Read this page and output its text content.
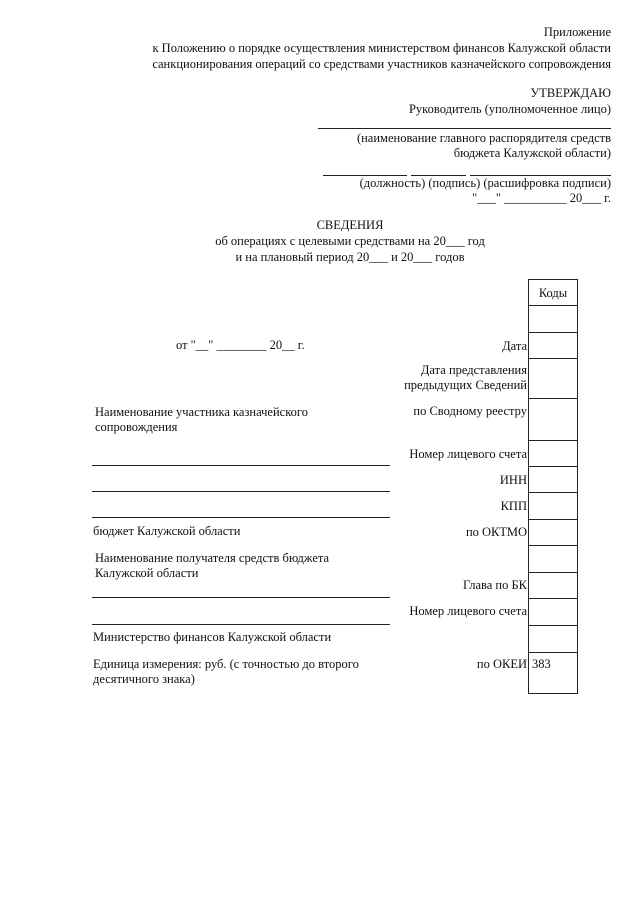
Приложение
к Положению о порядке осуществления министерством финансов Калужской области
санкционирования операций со средствами участников казначейского сопровождения
УТВЕРЖДАЮ
Руководитель (уполномоченное лицо)
(наименование главного распорядителя средств
бюджета Калужской области)
(должность) (подпись) (расшифровка подписи)
"___" __________ 20___ г.
СВЕДЕНИЯ
об операциях с целевыми средствами на 20___ год
и на плановый период 20___ и 20___ годов
Коды
от "__" ________ 20__ г.	Дата
Дата представления
предыдущих Сведений
по Сводному реестру
Номер лицевого счета
ИНН
КПП
по ОКТМО
Глава по БК
Номер лицевого счета
по ОКЕИ 383
Наименование участника казначейского
сопровождения
бюджет Калужской области
Наименование получателя средств бюджета
Калужской области
Министерство финансов Калужской области
Единица измерения: руб. (с точностью до второго
десятичного знака)
